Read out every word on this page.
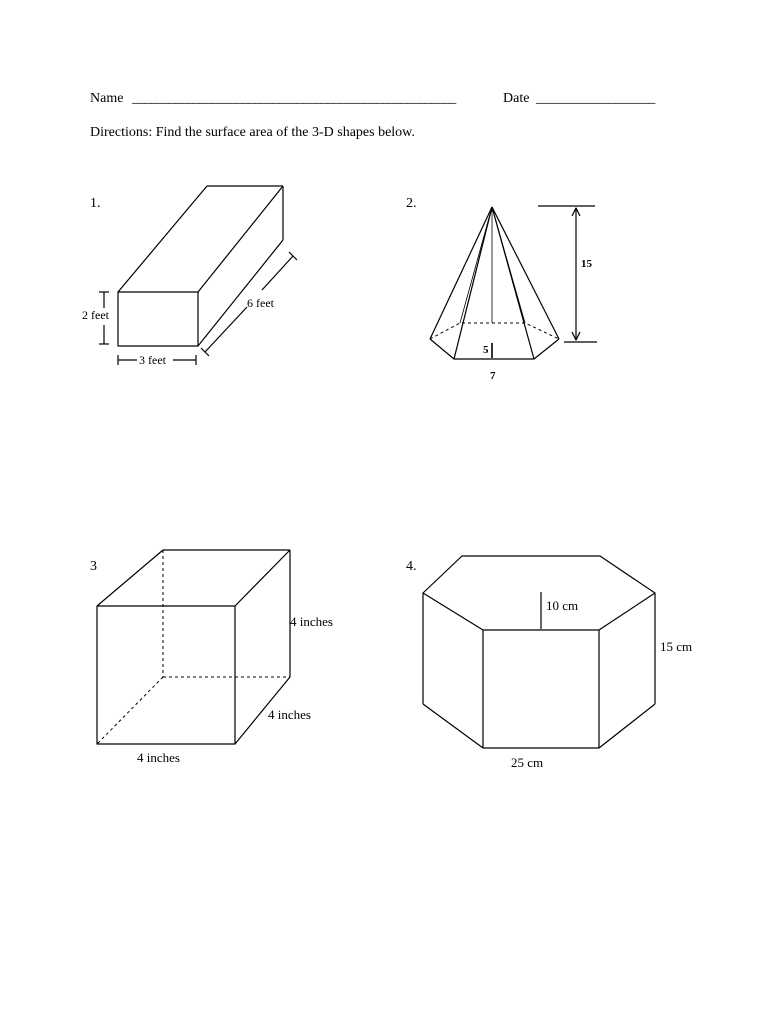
Name _____________________________________________________	Date __________________
Directions: Find the surface area of the 3-D shapes below.
1.	2.
3	4.
2 feet
3 feet
6 feet
15
5
7
4 inches
4 inches
4 inches
10 cm
15 cm
25 cm
